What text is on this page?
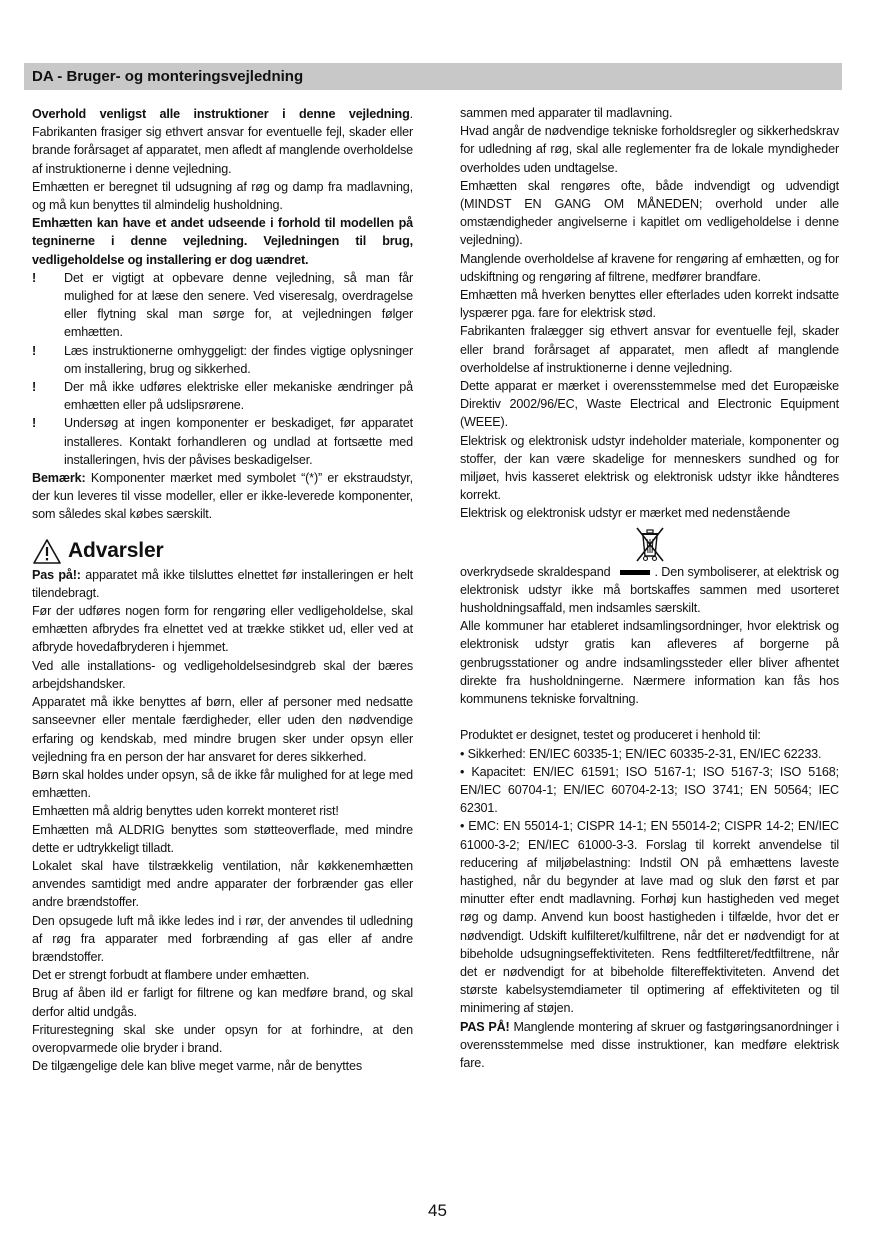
DA - Bruger- og monteringsvejledning

Overhold venligst alle instruktioner i denne vejledning. Fabrikanten frasiger sig ethvert ansvar for eventuelle fejl, skader eller brande forårsaget af apparatet, men afledt af manglende overholdelse af instruktionerne i denne vejledning.

Emhætten er beregnet til udsugning af røg og damp fra madlavning, og må kun benyttes til almindelig husholdning.

Emhætten kan have et andet udseende i forhold til modellen på tegninerne i denne vejledning. Vejledningen til brug, vedligeholdelse og installering er dog uændret.

!	Det er vigtigt at opbevare denne vejledning, så man får mulighed for at læse den senere. Ved viseresalg, overdragelse eller flytning skal man sørge for, at vejledningen følger emhætten.
!	Læs instruktionerne omhyggeligt: der findes vigtige oplysninger om installering, brug og sikkerhed.
!	Der må ikke udføres elektriske eller mekaniske ændringer på emhætten eller på udslipsrørene.
!	Undersøg at ingen komponenter er beskadiget, før apparatet installeres. Kontakt forhandleren og undlad at fortsætte med installeringen, hvis der påvises beskadigelser.

Bemærk: Komponenter mærket med symbolet “(*)” er ekstraudstyr, der kun leveres til visse modeller, eller er ikke-leverede komponenter, som således skal købes særskilt.

Advarsler

Pas på!: apparatet må ikke tilsluttes elnettet før installeringen er helt tilendebragt.

Før der udføres nogen form for rengøring eller vedligeholdelse, skal emhætten afbrydes fra elnettet ved at trække stikket ud, eller ved at afbryde hovedafbryderen i hjemmet.

Ved alle installations- og vedligeholdelsesindgreb skal der bæres arbejdshandsker.

Apparatet må ikke benyttes af børn, eller af personer med nedsatte sanseevner eller mentale færdigheder, eller uden den nødvendige erfaring og kendskab, med mindre brugen sker under opsyn eller vejledning fra en person der har ansvaret for deres sikkerhed.

Børn skal holdes under opsyn, så de ikke får mulighed for at lege med emhætten.

Emhætten må aldrig benyttes uden korrekt monteret rist!

Emhætten må ALDRIG benyttes som støtteoverflade, med mindre dette er udtrykkeligt tilladt.

Lokalet skal have tilstrækkelig ventilation, når køkkenemhætten anvendes samtidigt med andre apparater der forbrænder gas eller andre brændstoffer.

Den opsugede luft må ikke ledes ind i rør, der anvendes til udledning af røg fra apparater med forbrænding af gas eller af andre brændstoffer.

Det er strengt forbudt at flambere under emhætten.

Brug af åben ild er farligt for filtrene og kan medføre brand, og skal derfor altid undgås.

Friturestegning skal ske under opsyn for at forhindre, at den overopvarmede olie bryder i brand.

De tilgængelige dele kan blive meget varme, når de benyttes

sammen med apparater til madlavning.

Hvad angår de nødvendige tekniske forholdsregler og sikkerhedskrav for udledning af røg, skal alle reglementer fra de lokale myndigheder overholdes uden undtagelse.

Emhætten skal rengøres ofte, både indvendigt og udvendigt (MINDST EN GANG OM MÅNEDEN; overhold under alle omstændigheder angivelserne i kapitlet om vedligeholdelse i denne vejledning).

Manglende overholdelse af kravene for rengøring af emhætten, og for udskiftning og rengøring af filtrene, medfører brandfare.

Emhætten må hverken benyttes eller efterlades uden korrekt indsatte lyspærer pga. fare for elektrisk stød.

Fabrikanten fralægger sig ethvert ansvar for eventuelle fejl, skader eller brand forårsaget af apparatet, men afledt af manglende overholdelse af instruktionerne i denne vejledning.

Dette apparat er mærket i overensstemmelse med det Europæiske Direktiv 2002/96/EC, Waste Electrical and Electronic Equipment (WEEE).

Elektrisk og elektronisk udstyr indeholder materiale, komponenter og stoffer, der kan være skadelige for menneskers sundhed og for miljøet, hvis kasseret elektrisk og elektronisk udstyr ikke håndteres korrekt.

Elektrisk og elektronisk udstyr er mærket med nedenstående

overkrydsede skraldespand	. Den symboliserer, at elektrisk og elektronisk udstyr ikke må bortskaffes sammen med usorteret husholdningsaffald, men indsamles særskilt.

Alle kommuner har etableret indsamlingsordninger, hvor elektrisk og elektronisk udstyr gratis kan afleveres af borgerne på genbrugsstationer og andre indsamlingssteder eller bliver afhentet direkte fra husholdningerne. Nærmere information kan fås hos kommunens tekniske forvaltning.

Produktet er designet, testet og produceret i henhold til:

• Sikkerhed: EN/IEC 60335-1; EN/IEC 60335-2-31, EN/IEC 62233.

• Kapacitet: EN/IEC 61591; ISO 5167-1; ISO 5167-3; ISO 5168; EN/IEC 60704-1; EN/IEC 60704-2-13; ISO 3741; EN 50564; IEC 62301.

• EMC: EN 55014-1; CISPR 14-1; EN 55014-2; CISPR 14-2; EN/IEC 61000-3-2; EN/IEC 61000-3-3. Forslag til korrekt anvendelse til reducering af miljøbelastning: Indstil ON på emhættens laveste hastighed, når du begynder at lave mad og sluk den først et par minutter efter endt madlavning. Forhøj kun hastigheden ved meget røg og damp. Anvend kun boost hastigheden i tilfælde, hvor det er nødvendigt. Udskift kulfilteret/kulfiltrene, når det er nødvendigt for at bibeholde udsugningseffektiviteten. Rens fedtfilteret/fedtfiltrene, når det er nødvendigt for at bibeholde filtereffektiviteten. Anvend det største kabelsystemdiameter til optimering af effektiviteten og til minimering af støjen.

PAS PÅ! Manglende montering af skruer og fastgøringsanordninger i overensstemmelse med disse instruktioner, kan medføre elektrisk fare.

45
